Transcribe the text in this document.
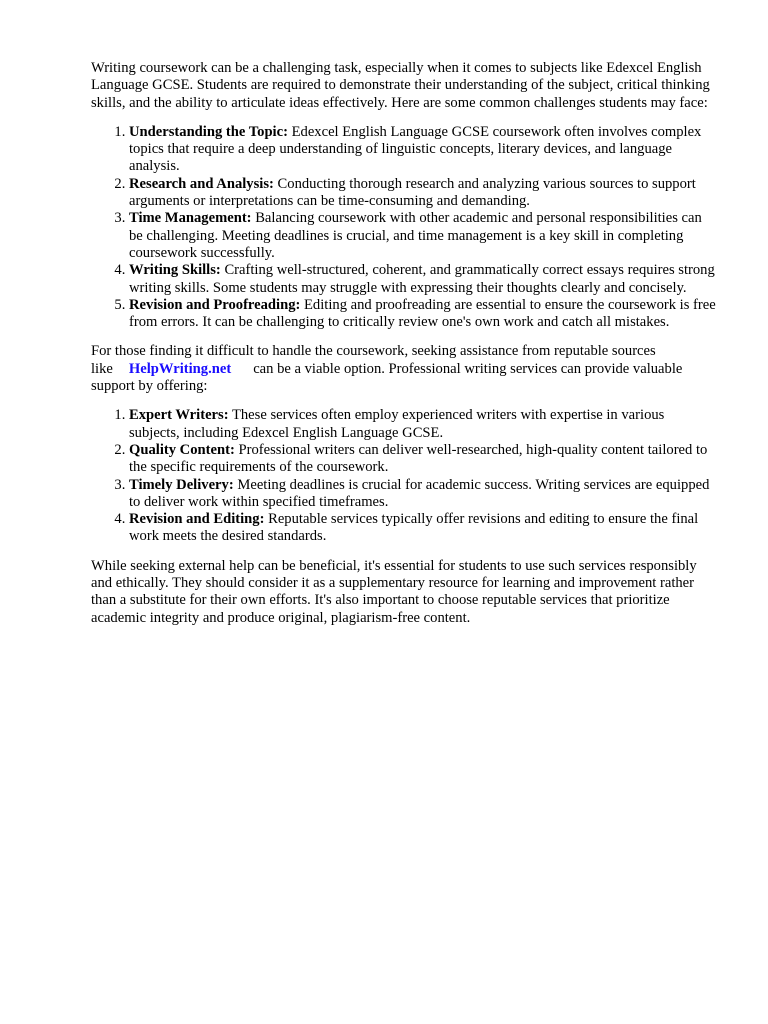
Writing coursework can be a challenging task, especially when it comes to subjects like Edexcel English Language GCSE. Students are required to demonstrate their understanding of the subject, critical thinking skills, and the ability to articulate ideas effectively. Here are some common challenges students may face:

1. Understanding the Topic: Edexcel English Language GCSE coursework often involves complex topics that require a deep understanding of linguistic concepts, literary devices, and language analysis.
2. Research and Analysis: Conducting thorough research and analyzing various sources to support arguments or interpretations can be time-consuming and demanding.
3. Time Management: Balancing coursework with other academic and personal responsibilities can be challenging. Meeting deadlines is crucial, and time management is a key skill in completing coursework successfully.
4. Writing Skills: Crafting well-structured, coherent, and grammatically correct essays requires strong writing skills. Some students may struggle with expressing their thoughts clearly and concisely.
5. Revision and Proofreading: Editing and proofreading are essential to ensure the coursework is free from errors. It can be challenging to critically review one's own work and catch all mistakes.

For those finding it difficult to handle the coursework, seeking assistance from reputable sources like HelpWriting.net can be a viable option. Professional writing services can provide valuable support by offering:

1. Expert Writers: These services often employ experienced writers with expertise in various subjects, including Edexcel English Language GCSE.
2. Quality Content: Professional writers can deliver well-researched, high-quality content tailored to the specific requirements of the coursework.
3. Timely Delivery: Meeting deadlines is crucial for academic success. Writing services are equipped to deliver work within specified timeframes.
4. Revision and Editing: Reputable services typically offer revisions and editing to ensure the final work meets the desired standards.

While seeking external help can be beneficial, it's essential for students to use such services responsibly and ethically. They should consider it as a supplementary resource for learning and improvement rather than a substitute for their own efforts. It's also important to choose reputable services that prioritize academic integrity and produce original, plagiarism-free content.
